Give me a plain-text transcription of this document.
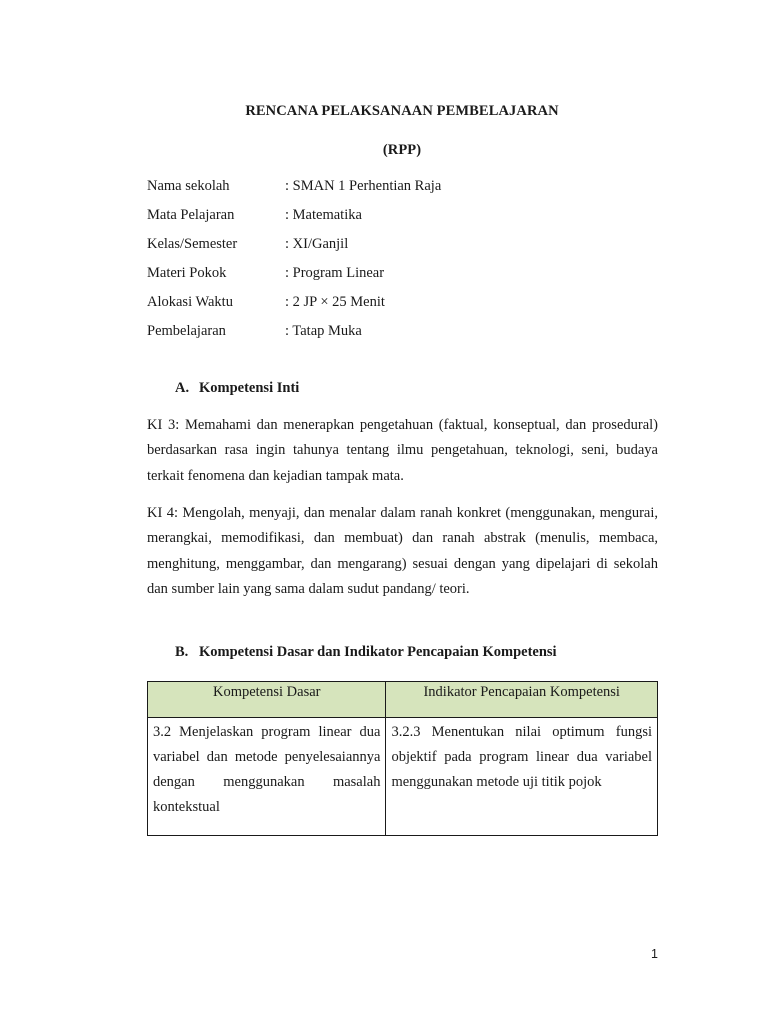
RENCANA PELAKSANAAN PEMBELAJARAN
(RPP)
Nama sekolah	: SMAN 1 Perhentian Raja
Mata Pelajaran	: Matematika
Kelas/Semester	: XI/Ganjil
Materi Pokok	: Program Linear
Alokasi Waktu	: 2 JP × 25 Menit
Pembelajaran	: Tatap Muka
A. Kompetensi Inti
KI 3: Memahami dan menerapkan pengetahuan (faktual, konseptual, dan prosedural) berdasarkan rasa ingin tahunya tentang ilmu pengetahuan, teknologi, seni, budaya terkait fenomena dan kejadian tampak mata.
KI 4: Mengolah, menyaji, dan menalar dalam ranah konkret (menggunakan, mengurai, merangkai, memodifikasi, dan membuat) dan ranah abstrak (menulis, membaca, menghitung, menggambar, dan mengarang) sesuai dengan yang dipelajari di sekolah dan sumber lain yang sama dalam sudut pandang/ teori.
B. Kompetensi Dasar dan Indikator Pencapaian Kompetensi
Kompetensi Dasar	Indikator Pencapaian Kompetensi
3.2 Menjelaskan program linear dua variabel dan metode penyelesaiannya dengan menggunakan masalah kontekstual	3.2.3 Menentukan nilai optimum fungsi objektif pada program linear dua variabel menggunakan metode uji titik pojok
1
